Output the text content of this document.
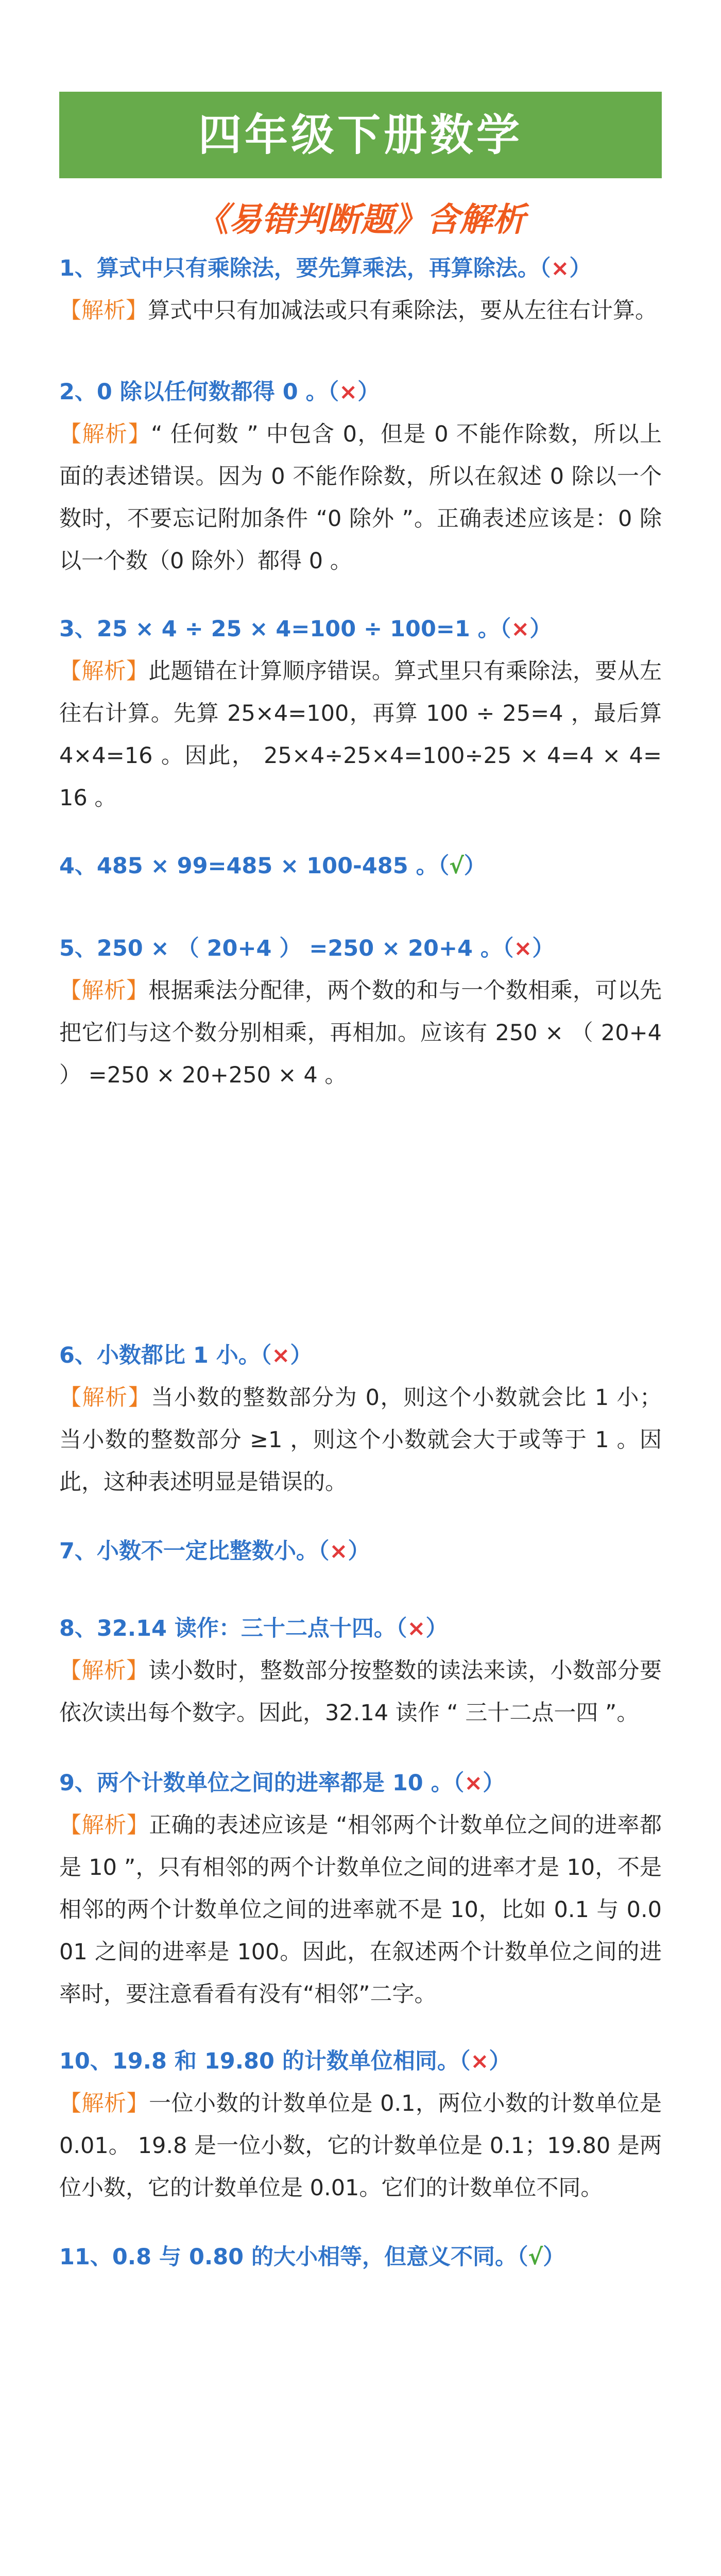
四年级下册数学
《易错判断题》含解析
1、算式中只有乘除法，要先算乘法，再算除法。（×）
【解析】算式中只有加减法或只有乘除法，要从左往右计算。
2、0 除以任何数都得 0 。（×）
【解析】“ 任何数 ” 中包含 0，但是 0 不能作除数，所以上面的表述错误。因为 0 不能作除数，所以在叙述 0 除以一个数时，不要忘记附加条件 “0 除外 ”。正确表述应该是：0 除以一个数（0 除外）都得 0 。
3、25 × 4 ÷ 25 × 4=100 ÷ 100=1 。（×）
【解析】此题错在计算顺序错误。算式里只有乘除法，要从左往右计算。先算 25×4=100，再算 100 ÷ 25=4 ，最后算 4×4=16 。因此， 25×4÷25×4=100÷25 × 4=4 × 4=16 。
4、485 × 99=485 × 100-485 。（√）
5、250 × （ 20+4 ） =250 × 20+4 。（×）
【解析】根据乘法分配律，两个数的和与一个数相乘，可以先把它们与这个数分别相乘，再相加。应该有 250 × （ 20+4 ） =250 × 20+250 × 4 。
6、小数都比 1 小。（×）
【解析】当小数的整数部分为 0，则这个小数就会比 1 小；当小数的整数部分 ≥1 ，则这个小数就会大于或等于 1 。因此，这种表述明显是错误的。
7、小数不一定比整数小。（×）
8、32.14 读作：三十二点十四。（×）
【解析】读小数时，整数部分按整数的读法来读，小数部分要依次读出每个数字。因此，32.14 读作 “ 三十二点一四 ”。
9、两个计数单位之间的进率都是 10 。（×）
【解析】正确的表述应该是 “相邻两个计数单位之间的进率都是 10 ”，只有相邻的两个计数单位之间的进率才是 10，不是相邻的两个计数单位之间的进率就不是 10，比如 0.1 与 0.001 之间的进率是 100。因此，在叙述两个计数单位之间的进率时，要注意看看有没有“相邻”二字。
10、19.8 和 19.80 的计数单位相同。（×）
【解析】一位小数的计数单位是 0.1，两位小数的计数单位是 0.01。 19.8 是一位小数，它的计数单位是 0.1；19.80 是两位小数，它的计数单位是 0.01。它们的计数单位不同。
11、0.8 与 0.80 的大小相等，但意义不同。（√）
